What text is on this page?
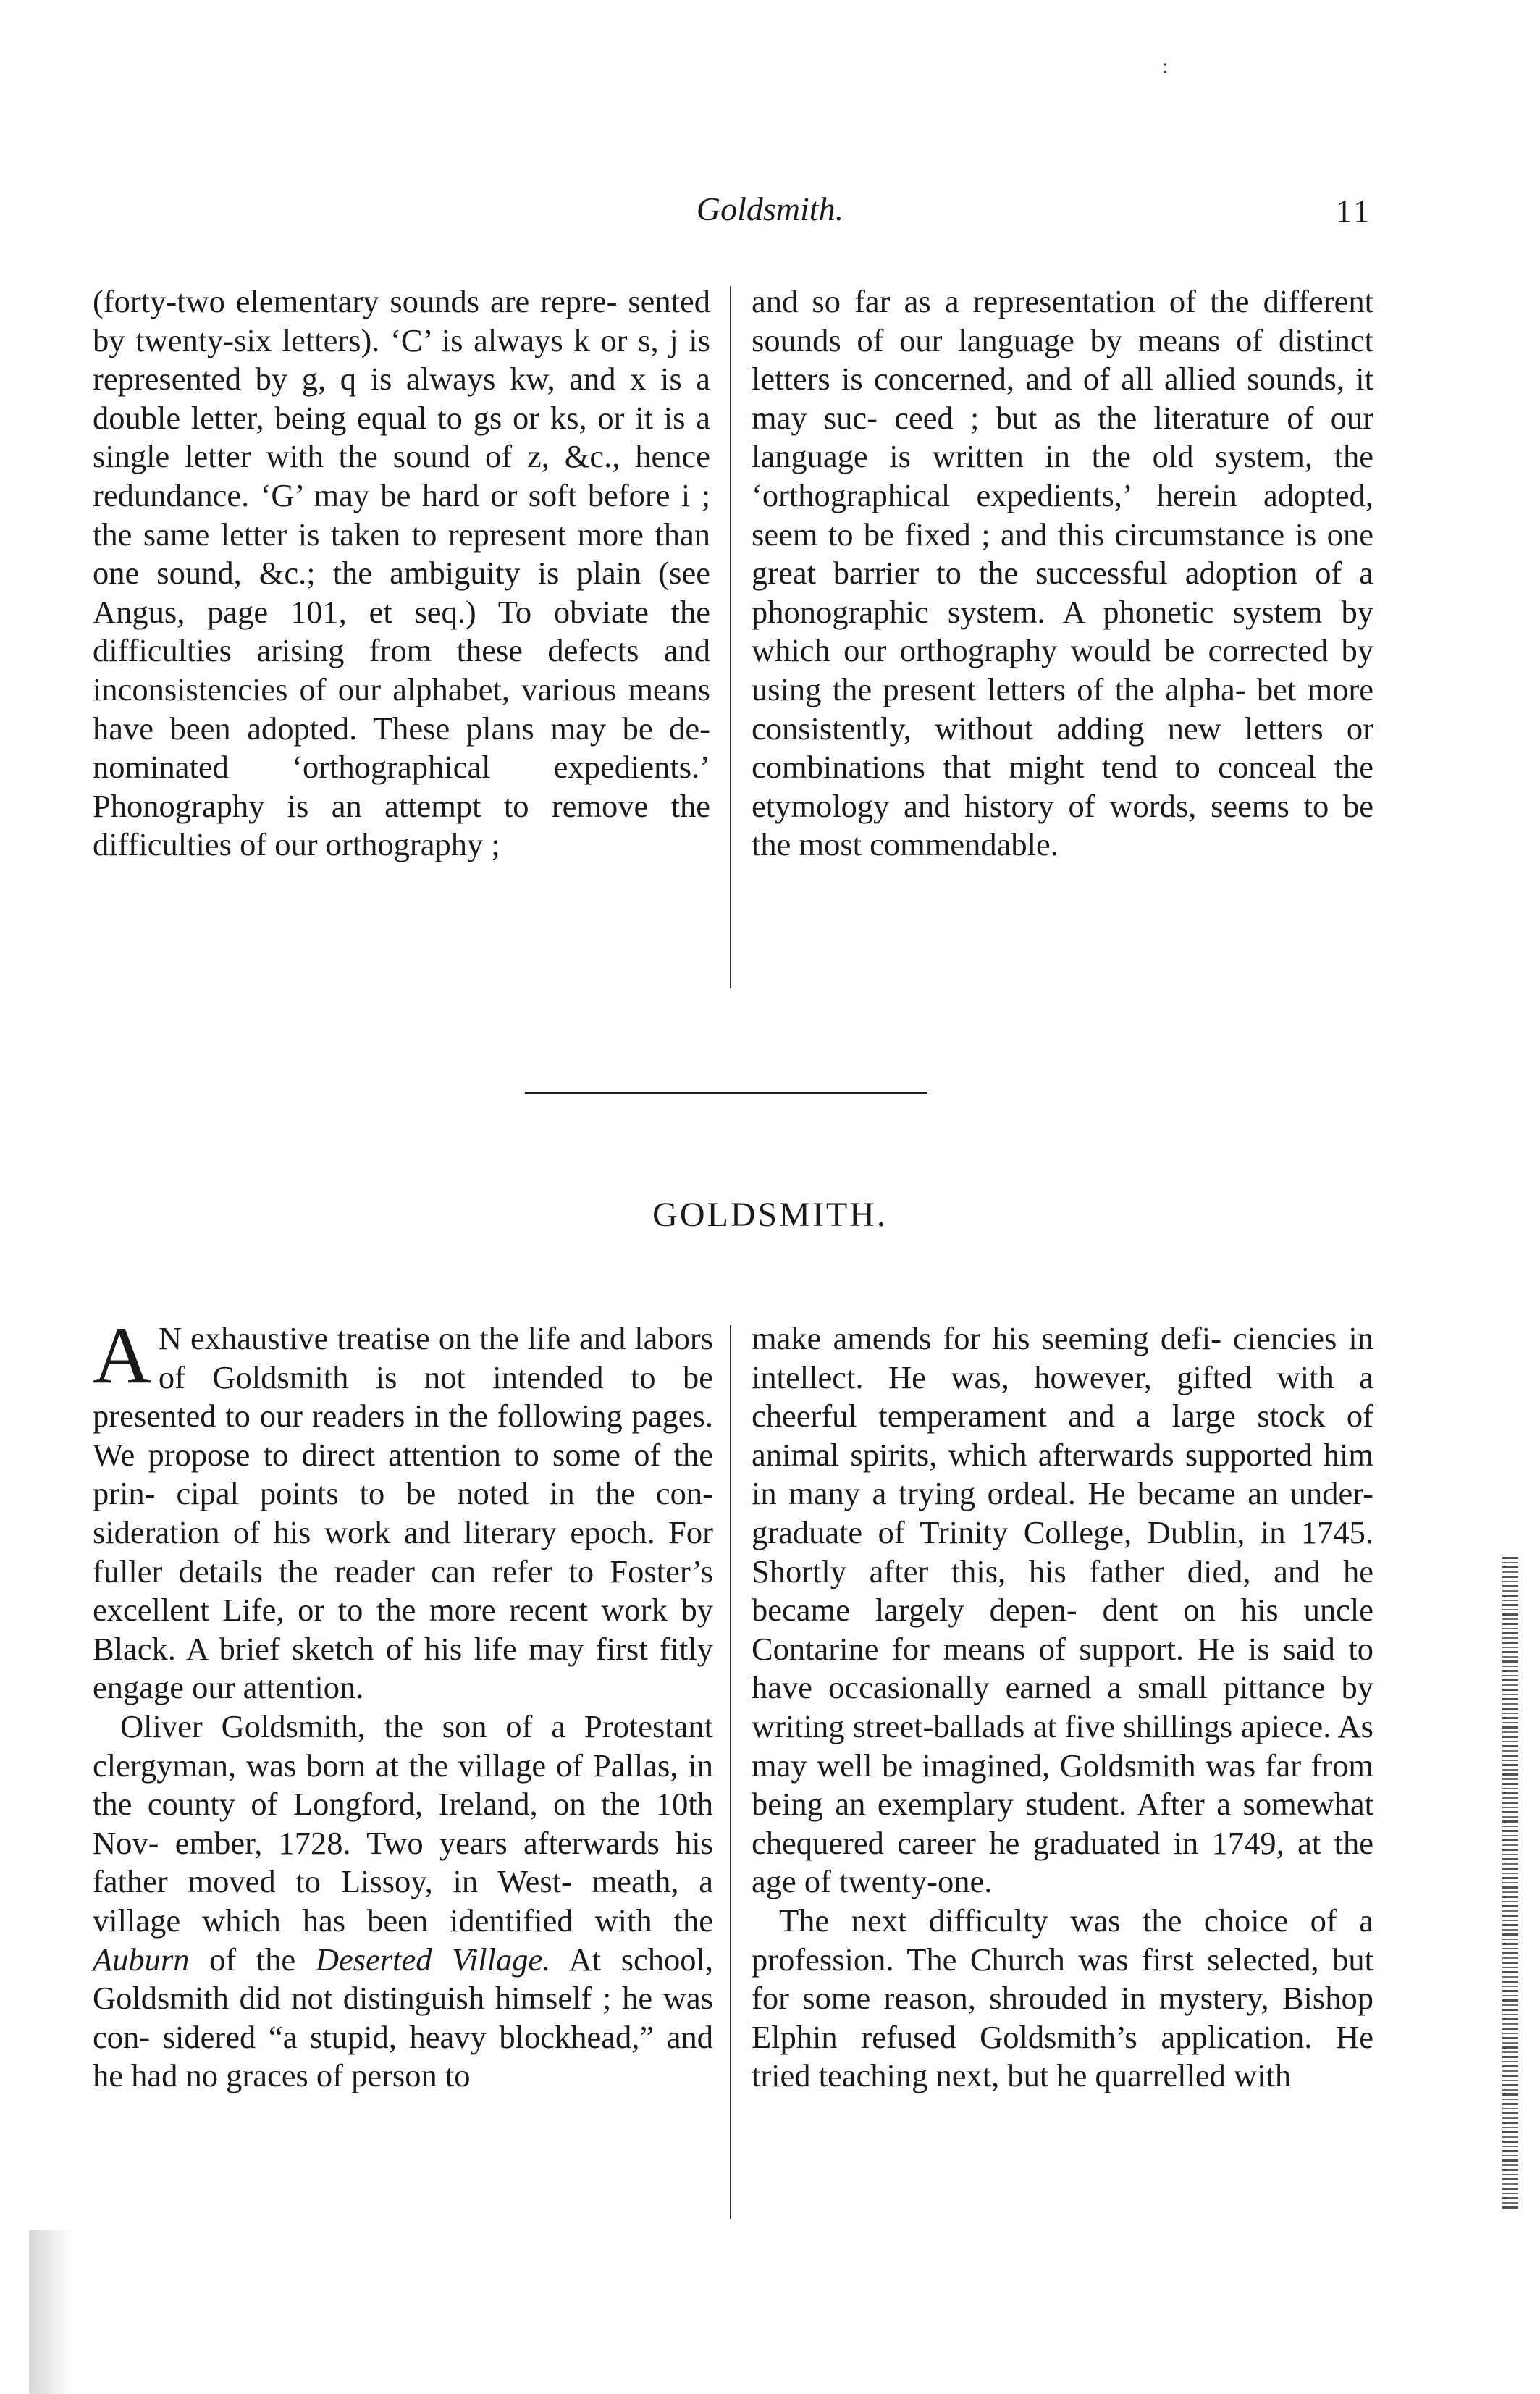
:
Goldsmith.	11

(forty-two elementary sounds are repre- sented by twenty-six letters). ‘C’ is always k or s, j is represented by g, q is always kw, and x is a double letter, being equal to gs or ks, or it is a single letter with the sound of z, &c., hence redundance. ‘G’ may be hard or soft before i ; the same letter is taken to represent more than one sound, &c.; the ambiguity is plain (see Angus, page 101, et seq.) To obviate the difficulties arising from these defects and inconsistencies of our alphabet, various means have been adopted. These plans may be de- nominated ‘orthographical expedients.’ Phonography is an attempt to remove the difficulties of our orthography ;

and so far as a representation of the different sounds of our language by means of distinct letters is concerned, and of all allied sounds, it may suc- ceed ; but as the literature of our language is written in the old system, the ‘orthographical expedients,’ herein adopted, seem to be fixed ; and this circumstance is one great barrier to the successful adoption of a phonographic system. A phonetic system by which our orthography would be corrected by using the present letters of the alpha- bet more consistently, without adding new letters or combinations that might tend to conceal the etymology and history of words, seems to be the most commendable.

GOLDSMITH.

A N exhaustive treatise on the life and labors of Goldsmith is not intended to be presented to our readers in the following pages. We propose to direct attention to some of the prin- cipal points to be noted in the con- sideration of his work and literary epoch. For fuller details the reader can refer to Foster’s excellent Life, or to the more recent work by Black. A brief sketch of his life may first fitly engage our attention.

Oliver Goldsmith, the son of a Protestant clergyman, was born at the village of Pallas, in the county of Longford, Ireland, on the 10th Nov- ember, 1728. Two years afterwards his father moved to Lissoy, in West- meath, a village which has been identified with the Auburn of the Deserted Village. At school, Goldsmith did not distinguish himself ; he was con- sidered “a stupid, heavy blockhead,” and he had no graces of person to

make amends for his seeming defi- ciencies in intellect. He was, however, gifted with a cheerful temperament and a large stock of animal spirits, which afterwards supported him in many a trying ordeal. He became an under- graduate of Trinity College, Dublin, in 1745. Shortly after this, his father died, and he became largely depen- dent on his uncle Contarine for means of support. He is said to have occasionally earned a small pittance by writing street-ballads at five shillings apiece. As may well be imagined, Goldsmith was far from being an exemplary student. After a somewhat chequered career he graduated in 1749, at the age of twenty-one.

The next difficulty was the choice of a profession. The Church was first selected, but for some reason, shrouded in mystery, Bishop Elphin refused Goldsmith’s application. He tried teaching next, but he quarrelled with
